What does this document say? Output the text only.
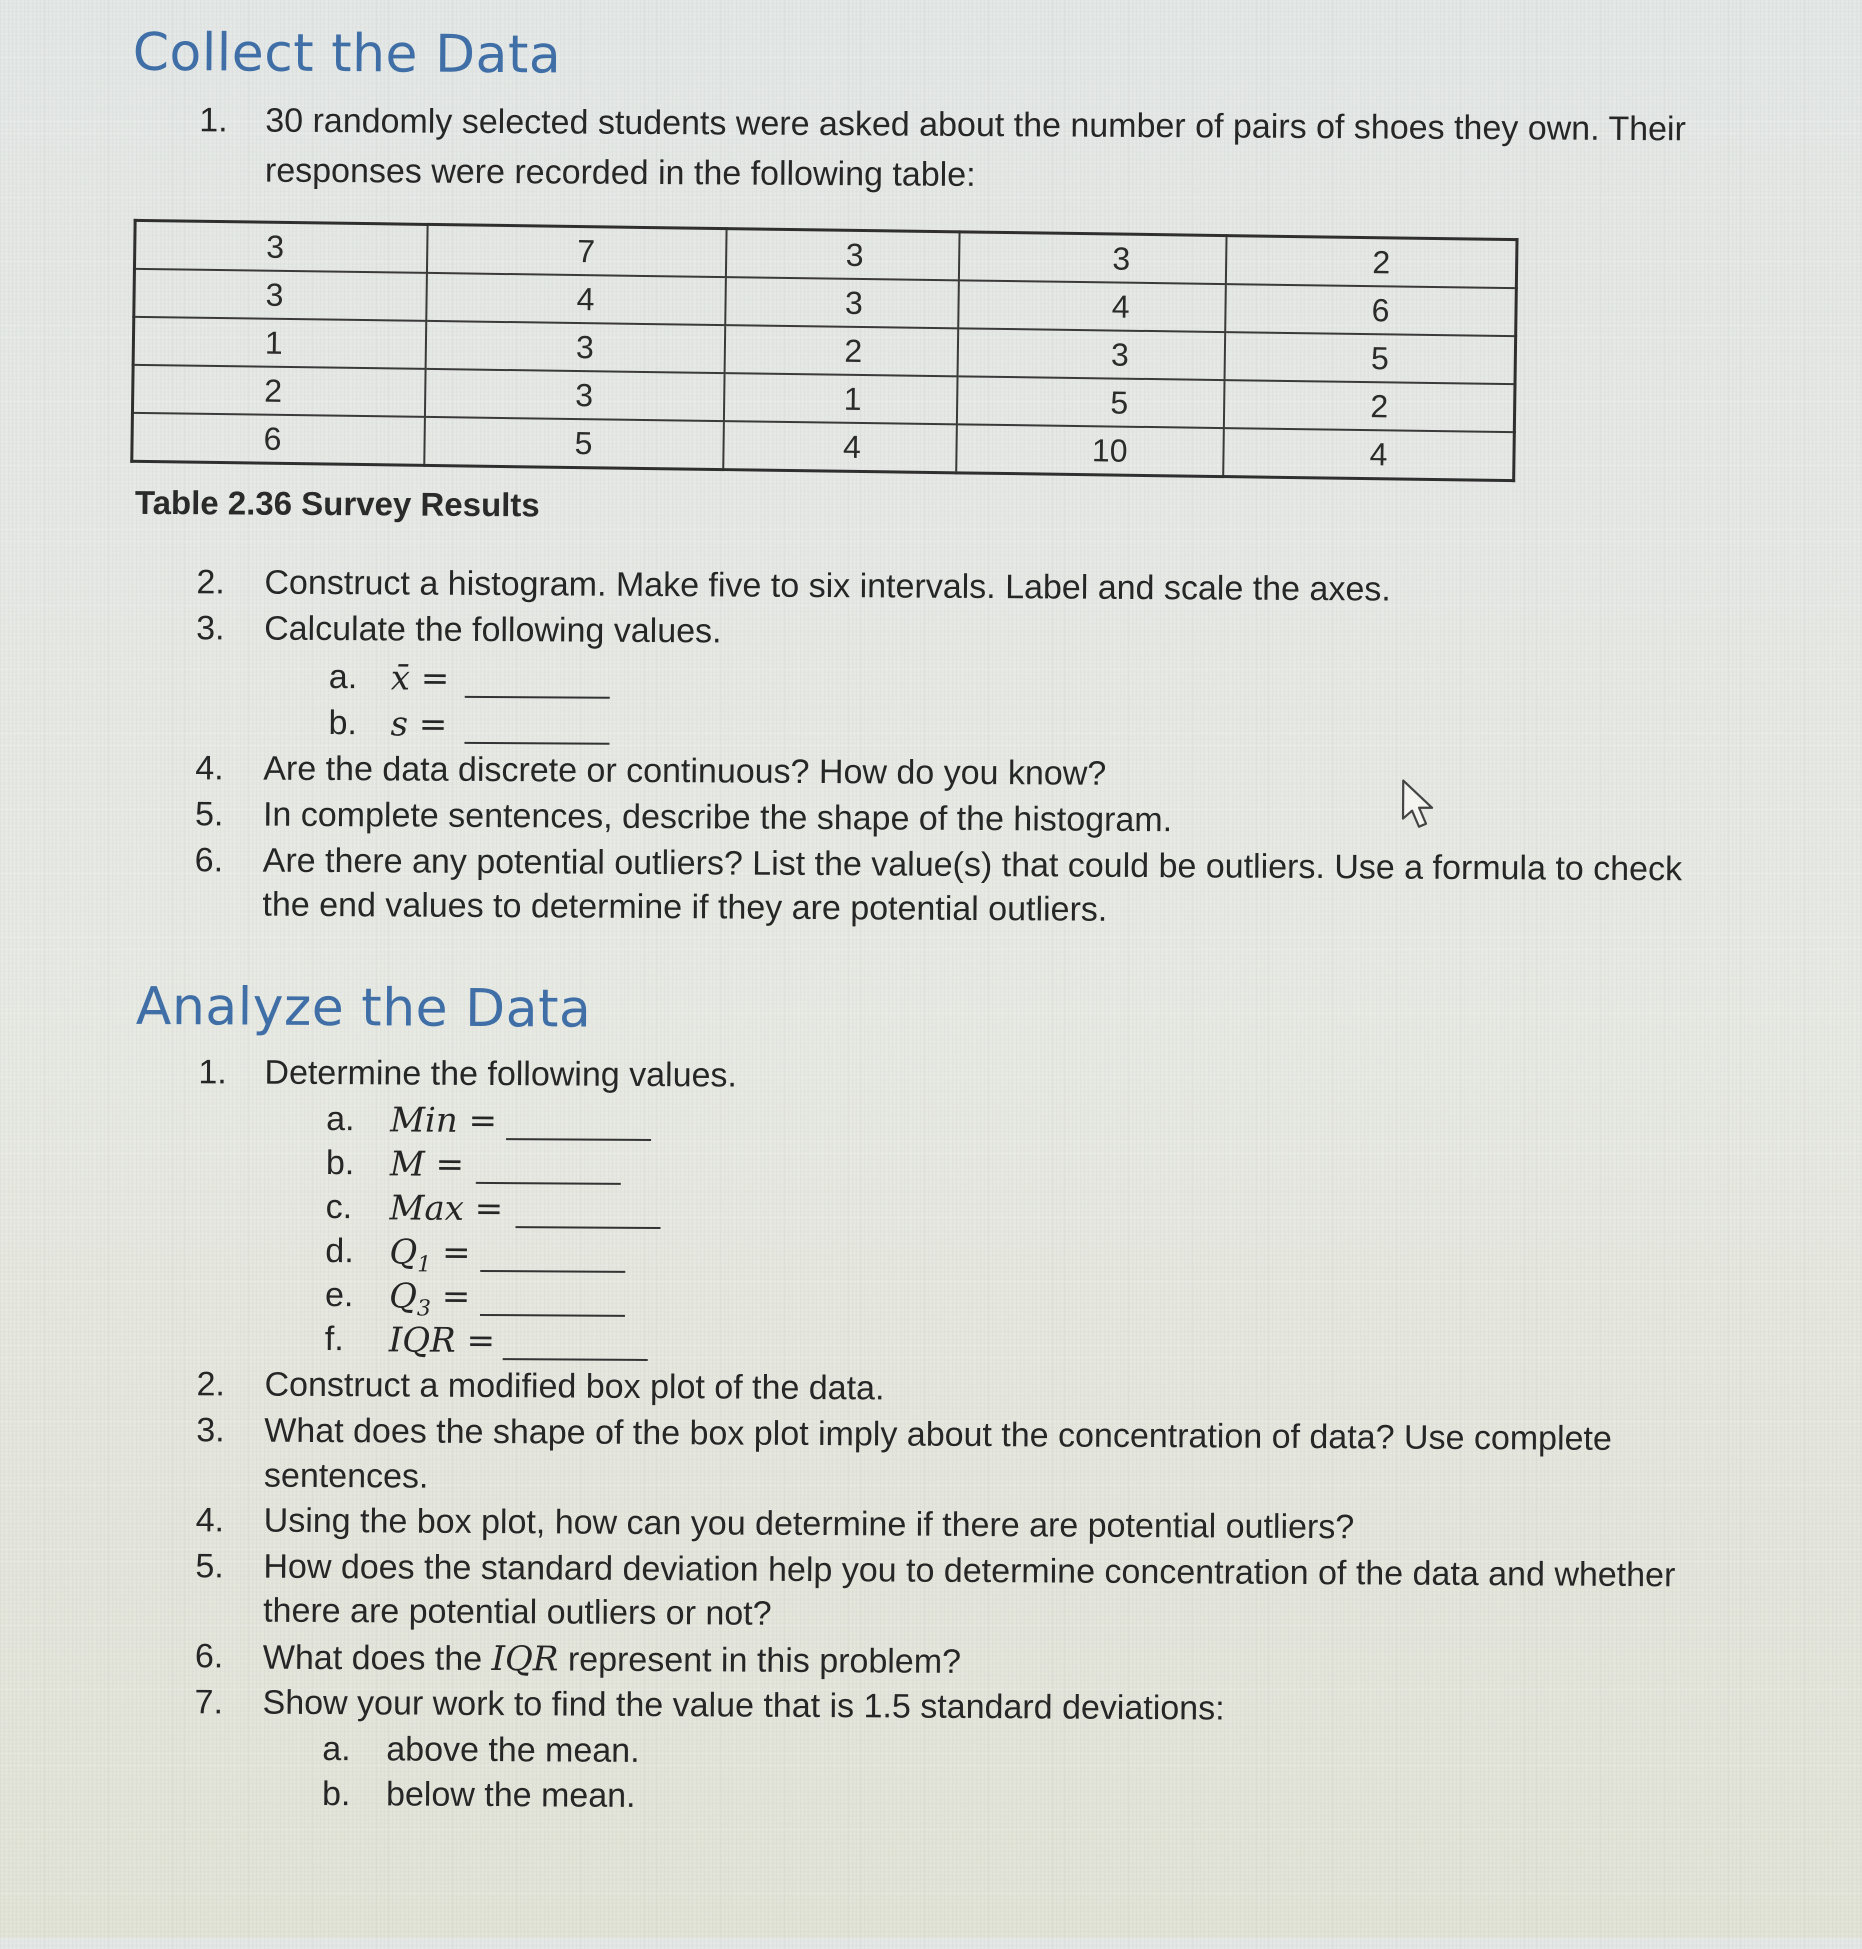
Collect the Data
1.	30 randomly selected students were asked about the number of pairs of shoes they own. Their
responses were recorded in the following table:
3	7	3	3	2
3	4	3	4	6
1	3	2	3	5
2	3	1	5	2
6	5	4	10	4
Table 2.36 Survey Results
2.	Construct a histogram. Make five to six intervals. Label and scale the axes.
3.	Calculate the following values.
a. x̄ =
b. s =
4.	Are the data discrete or continuous? How do you know?
5.	In complete sentences, describe the shape of the histogram.
6.	Are there any potential outliers? List the value(s) that could be outliers. Use a formula to check
the end values to determine if they are potential outliers.
Analyze the Data
1.	Determine the following values.
a.	Min =
b.	M =
c.	Max =
d.	$Q_1$ =
e.	$Q_3$ =
f.	IQR =
2.	Construct a modified box plot of the data.
3.	What does the shape of the box plot imply about the concentration of data? Use complete
sentences.
4.	Using the box plot, how can you determine if there are potential outliers?
5.	How does the standard deviation help you to determine concentration of the data and whether
there are potential outliers or not?
6.	What does the IQR represent in this problem?
7.	Show your work to find the value that is 1.5 standard deviations:
a.	above the mean.
b.	below the mean.
